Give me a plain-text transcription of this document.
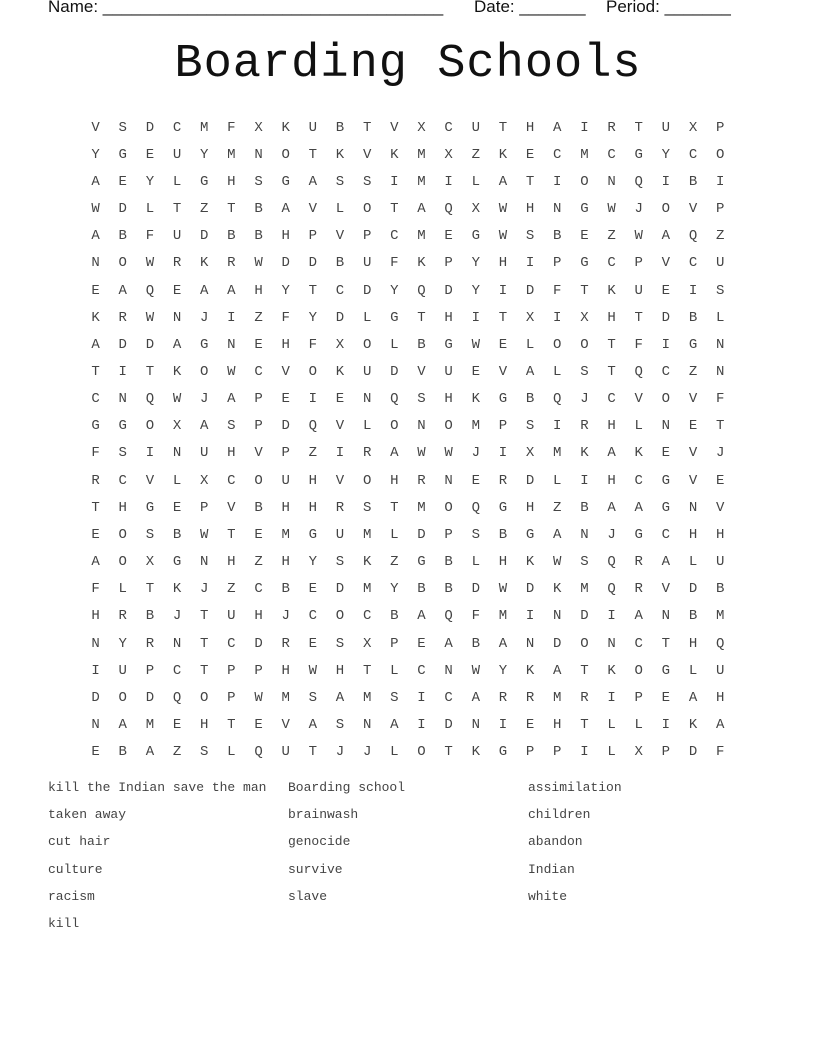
Name: ____________________________________ Date: _______ Period: _______
Boarding Schools
V	S	D	C	M	F	X	K	U	B	T	V	X	C	U	T	H	A	I	R	T	U	X	P
Y	G	E	U	Y	M	N	O	T	K	V	K	M	X	Z	K	E	C	M	C	G	Y	C	O
A	E	Y	L	G	H	S	G	A	S	S	I	M	I	L	A	T	I	O	N	Q	I	B	I
W	D	L	T	Z	T	B	A	V	L	O	T	A	Q	X	W	H	N	G	W	J	O	V	P
A	B	F	U	D	B	B	H	P	V	P	C	M	E	G	W	S	B	E	Z	W	A	Q	Z
N	O	W	R	K	R	W	D	D	B	U	F	K	P	Y	H	I	P	G	C	P	V	C	U
E	A	Q	E	A	A	H	Y	T	C	D	Y	Q	D	Y	I	D	F	T	K	U	E	I	S
K	R	W	N	J	I	Z	F	Y	D	L	G	T	H	I	T	X	I	X	H	T	D	B	L
A	D	D	A	G	N	E	H	F	X	O	L	B	G	W	E	L	O	O	T	F	I	G	N
T	I	T	K	O	W	C	V	O	K	U	D	V	U	E	V	A	L	S	T	Q	C	Z	N
C	N	Q	W	J	A	P	E	I	E	N	Q	S	H	K	G	B	Q	J	C	V	O	V	F
G	G	O	X	A	S	P	D	Q	V	L	O	N	O	M	P	S	I	R	H	L	N	E	T
F	S	I	N	U	H	V	P	Z	I	R	A	W	W	J	I	X	M	K	A	K	E	V	J
R	C	V	L	X	C	O	U	H	V	O	H	R	N	E	R	D	L	I	H	C	G	V	E
T	H	G	E	P	V	B	H	H	R	S	T	M	O	Q	G	H	Z	B	A	A	G	N	V
E	O	S	B	W	T	E	M	G	U	M	L	D	P	S	B	G	A	N	J	G	C	H	H
A	O	X	G	N	H	Z	H	Y	S	K	Z	G	B	L	H	K	W	S	Q	R	A	L	U
F	L	T	K	J	Z	C	B	E	D	M	Y	B	B	D	W	D	K	M	Q	R	V	D	B
H	R	B	J	T	U	H	J	C	O	C	B	A	Q	F	M	I	N	D	I	A	N	B	M
N	Y	R	N	T	C	D	R	E	S	X	P	E	A	B	A	N	D	O	N	C	T	H	Q
I	U	P	C	T	P	P	H	W	H	T	L	C	N	W	Y	K	A	T	K	O	G	L	U
D	O	D	Q	O	P	W	M	S	A	M	S	I	C	A	R	R	M	R	I	P	E	A	H
N	A	M	E	H	T	E	V	A	S	N	A	I	D	N	I	E	H	T	L	L	I	K	A
E	B	A	Z	S	L	Q	U	T	J	J	L	O	T	K	G	P	P	I	L	X	P	D	F
kill the Indian save the man	Boarding school	assimilation
taken away	brainwash	children
cut hair	genocide	abandon
culture	survive	Indian
racism	slave	white
kill
